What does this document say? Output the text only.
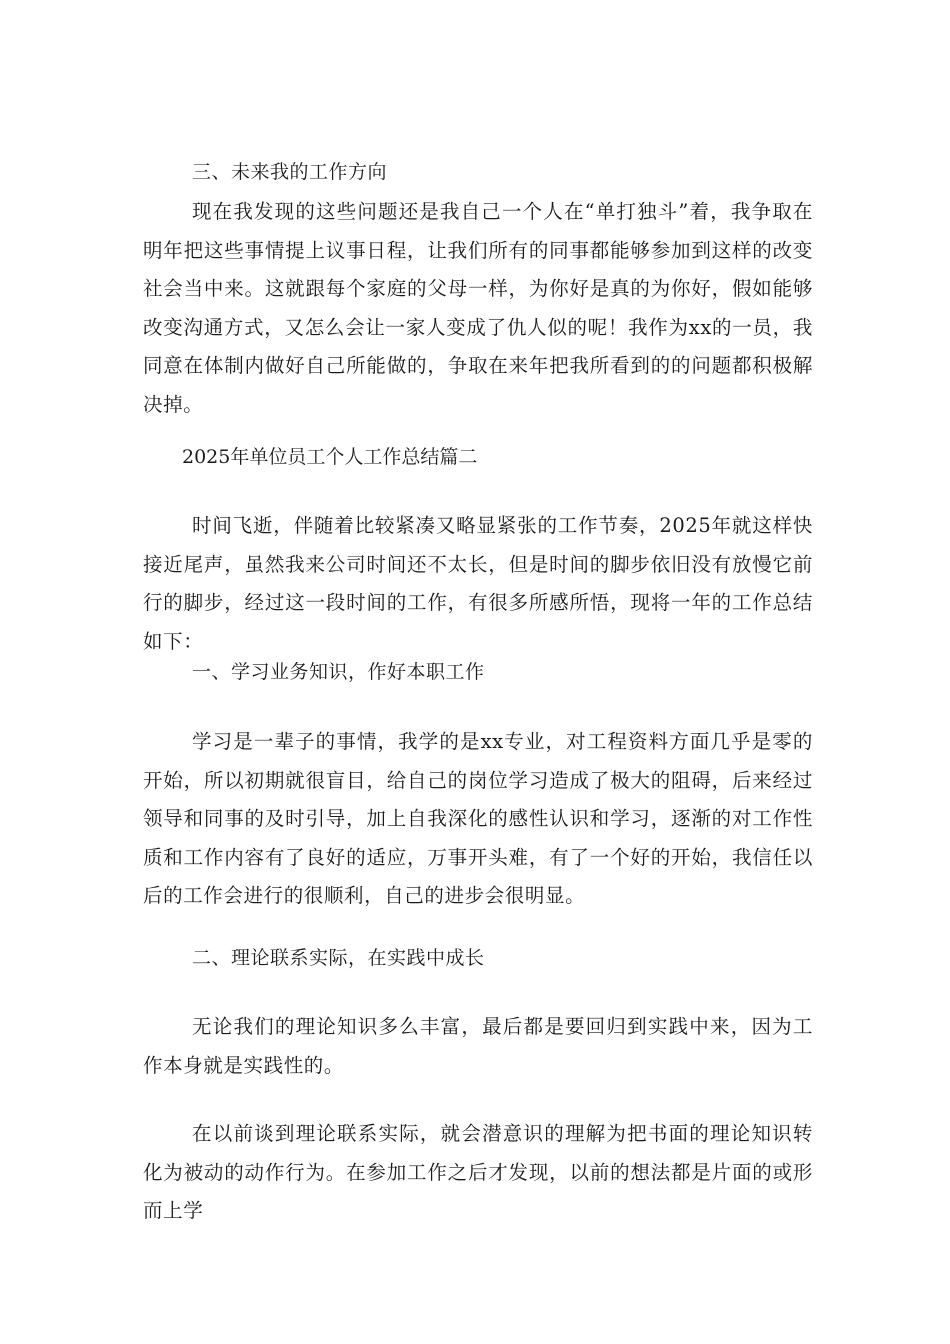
三、未来我的工作方向

现在我发现的这些问题还是我自己一个人在“单打独斗”着，我争取在明年把这些事情提上议事日程，让我们所有的同事都能够参加到这样的改变社会当中来。这就跟每个家庭的父母一样，为你好是真的为你好，假如能够改变沟通方式，又怎么会让一家人变成了仇人似的呢！我作为xx的一员，我同意在体制内做好自己所能做的，争取在来年把我所看到的的问题都积极解决掉。

2025年单位员工个人工作总结篇二

时间飞逝，伴随着比较紧凑又略显紧张的工作节奏，2025年就这样快接近尾声，虽然我来公司时间还不太长，但是时间的脚步依旧没有放慢它前行的脚步，经过这一段时间的工作，有很多所感所悟，现将一年的工作总结如下：

一、学习业务知识，作好本职工作

学习是一辈子的事情，我学的是xx专业，对工程资料方面几乎是零的开始，所以初期就很盲目，给自己的岗位学习造成了极大的阻碍，后来经过领导和同事的及时引导，加上自我深化的感性认识和学习，逐渐的对工作性质和工作内容有了良好的适应，万事开头难，有了一个好的开始，我信任以后的工作会进行的很顺利，自己的进步会很明显。

二、理论联系实际，在实践中成长

无论我们的理论知识多么丰富，最后都是要回归到实践中来，因为工作本身就是实践性的。

在以前谈到理论联系实际，就会潜意识的理解为把书面的理论知识转化为被动的动作行为。在参加工作之后才发现，以前的想法都是片面的或形而上学
